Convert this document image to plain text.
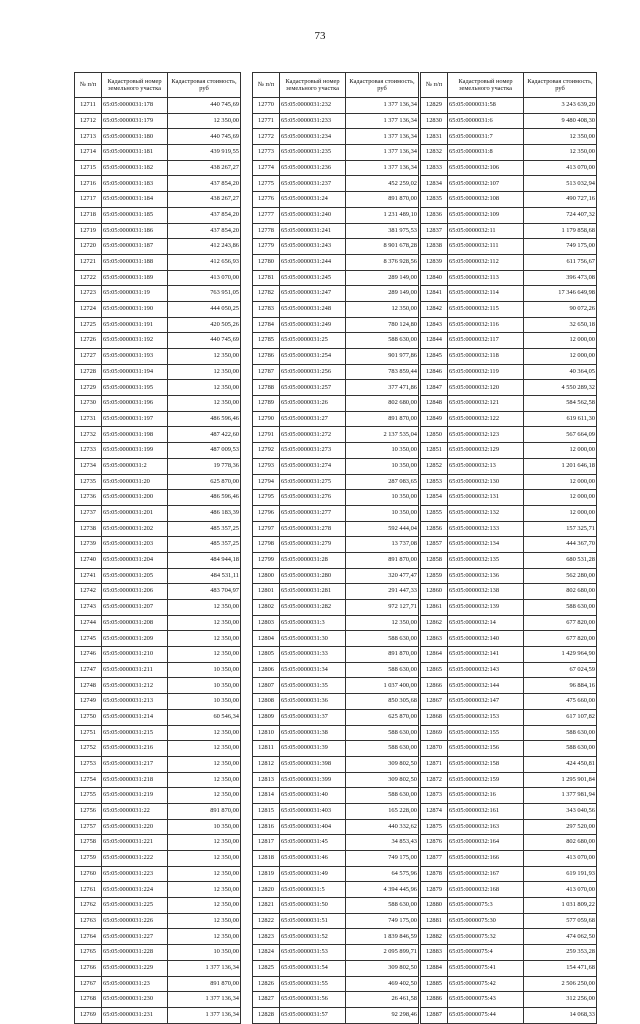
73
№ п/п	Кадастровый номер земельного участка	Кадастровая стоимость, руб
12711	65:05:0000031:178	440 745,69
12712	65:05:0000031:179	12 350,00
12713	65:05:0000031:180	440 745,69
12714	65:05:0000031:181	439 919,55
12715	65:05:0000031:182	438 267,27
12716	65:05:0000031:183	437 854,20
12717	65:05:0000031:184	438 267,27
12718	65:05:0000031:185	437 854,20
12719	65:05:0000031:186	437 854,20
12720	65:05:0000031:187	412 243,86
12721	65:05:0000031:188	412 656,93
12722	65:05:0000031:189	413 070,00
12723	65:05:0000031:19	763 951,05
12724	65:05:0000031:190	444 050,25
12725	65:05:0000031:191	420 505,26
12726	65:05:0000031:192	440 745,69
12727	65:05:0000031:193	12 350,00
12728	65:05:0000031:194	12 350,00
12729	65:05:0000031:195	12 350,00
12730	65:05:0000031:196	12 350,00
12731	65:05:0000031:197	486 596,46
12732	65:05:0000031:198	487 422,60
12733	65:05:0000031:199	487 009,53
12734	65:05:0000031:2	19 778,36
12735	65:05:0000031:20	625 870,00
12736	65:05:0000031:200	486 596,46
12737	65:05:0000031:201	486 183,39
12738	65:05:0000031:202	485 357,25
12739	65:05:0000031:203	485 357,25
12740	65:05:0000031:204	484 944,18
12741	65:05:0000031:205	484 531,11
12742	65:05:0000031:206	483 704,97
12743	65:05:0000031:207	12 350,00
12744	65:05:0000031:208	12 350,00
12745	65:05:0000031:209	12 350,00
12746	65:05:0000031:210	12 350,00
12747	65:05:0000031:211	10 350,00
12748	65:05:0000031:212	10 350,00
12749	65:05:0000031:213	10 350,00
12750	65:05:0000031:214	60 546,34
12751	65:05:0000031:215	12 350,00
12752	65:05:0000031:216	12 350,00
12753	65:05:0000031:217	12 350,00
12754	65:05:0000031:218	12 350,00
12755	65:05:0000031:219	12 350,00
12756	65:05:0000031:22	891 870,00
12757	65:05:0000031:220	10 350,00
12758	65:05:0000031:221	12 350,00
12759	65:05:0000031:222	12 350,00
12760	65:05:0000031:223	12 350,00
12761	65:05:0000031:224	12 350,00
12762	65:05:0000031:225	12 350,00
12763	65:05:0000031:226	12 350,00
12764	65:05:0000031:227	12 350,00
12765	65:05:0000031:228	10 350,00
12766	65:05:0000031:229	1 377 136,34
12767	65:05:0000031:23	891 870,00
12768	65:05:0000031:230	1 377 136,34
12769	65:05:0000031:231	1 377 136,34
№ п/п	Кадастровый номер земельного участка	Кадастровая стоимость, руб
12770	65:05:0000031:232	1 377 136,34
12771	65:05:0000031:233	1 377 136,34
12772	65:05:0000031:234	1 377 136,34
12773	65:05:0000031:235	1 377 136,34
12774	65:05:0000031:236	1 377 136,34
12775	65:05:0000031:237	452 259,02
12776	65:05:0000031:24	891 870,00
12777	65:05:0000031:240	1 231 489,10
12778	65:05:0000031:241	381 975,53
12779	65:05:0000031:243	8 901 678,28
12780	65:05:0000031:244	8 376 928,56
12781	65:05:0000031:245	289 149,00
12782	65:05:0000031:247	289 149,00
12783	65:05:0000031:248	12 350,00
12784	65:05:0000031:249	780 124,80
12785	65:05:0000031:25	588 630,00
12786	65:05:0000031:254	901 977,86
12787	65:05:0000031:256	783 859,44
12788	65:05:0000031:257	377 471,86
12789	65:05:0000031:26	802 680,00
12790	65:05:0000031:27	891 870,00
12791	65:05:0000031:272	2 137 535,04
12792	65:05:0000031:273	10 350,00
12793	65:05:0000031:274	10 350,00
12794	65:05:0000031:275	287 083,65
12795	65:05:0000031:276	10 350,00
12796	65:05:0000031:277	10 350,00
12797	65:05:0000031:278	592 444,04
12798	65:05:0000031:279	13 737,08
12799	65:05:0000031:28	891 870,00
12800	65:05:0000031:280	320 477,47
12801	65:05:0000031:281	291 447,33
12802	65:05:0000031:282	972 127,71
12803	65:05:0000031:3	12 350,00
12804	65:05:0000031:30	588 630,00
12805	65:05:0000031:33	891 870,00
12806	65:05:0000031:34	588 630,00
12807	65:05:0000031:35	1 037 400,00
12808	65:05:0000031:36	850 305,68
12809	65:05:0000031:37	625 870,00
12810	65:05:0000031:38	588 630,00
12811	65:05:0000031:39	588 630,00
12812	65:05:0000031:398	309 802,50
12813	65:05:0000031:399	309 802,50
12814	65:05:0000031:40	588 630,00
12815	65:05:0000031:403	165 228,00
12816	65:05:0000031:404	440 332,62
12817	65:05:0000031:45	34 853,43
12818	65:05:0000031:46	749 175,00
12819	65:05:0000031:49	64 575,96
12820	65:05:0000031:5	4 394 445,96
12821	65:05:0000031:50	588 630,00
12822	65:05:0000031:51	749 175,00
12823	65:05:0000031:52	1 839 846,59
12824	65:05:0000031:53	2 095 899,71
12825	65:05:0000031:54	309 802,50
12826	65:05:0000031:55	469 402,50
12827	65:05:0000031:56	26 461,58
12828	65:05:0000031:57	92 298,46
№ п/п	Кадастровый номер земельного участка	Кадастровая стоимость, руб
12829	65:05:0000031:58	3 243 639,20
12830	65:05:0000031:6	9 480 408,30
12831	65:05:0000031:7	12 350,00
12832	65:05:0000031:8	12 350,00
12833	65:05:0000032:106	413 070,00
12834	65:05:0000032:107	513 032,94
12835	65:05:0000032:108	490 727,16
12836	65:05:0000032:109	724 407,32
12837	65:05:0000032:11	1 179 858,68
12838	65:05:0000032:111	749 175,00
12839	65:05:0000032:112	611 756,67
12840	65:05:0000032:113	396 473,08
12841	65:05:0000032:114	17 346 649,98
12842	65:05:0000032:115	90 072,26
12843	65:05:0000032:116	32 650,18
12844	65:05:0000032:117	12 000,00
12845	65:05:0000032:118	12 000,00
12846	65:05:0000032:119	40 364,05
12847	65:05:0000032:120	4 550 289,32
12848	65:05:0000032:121	584 562,58
12849	65:05:0000032:122	619 611,30
12850	65:05:0000032:123	567 664,09
12851	65:05:0000032:129	12 000,00
12852	65:05:0000032:13	1 201 646,18
12853	65:05:0000032:130	12 000,00
12854	65:05:0000032:131	12 000,00
12855	65:05:0000032:132	12 000,00
12856	65:05:0000032:133	157 325,71
12857	65:05:0000032:134	444 367,70
12858	65:05:0000032:135	680 531,28
12859	65:05:0000032:136	562 280,00
12860	65:05:0000032:138	802 680,00
12861	65:05:0000032:139	588 630,00
12862	65:05:0000032:14	677 820,00
12863	65:05:0000032:140	677 820,00
12864	65:05:0000032:141	1 429 964,90
12865	65:05:0000032:143	67 024,59
12866	65:05:0000032:144	96 884,16
12867	65:05:0000032:147	475 660,00
12868	65:05:0000032:153	617 107,82
12869	65:05:0000032:155	588 630,00
12870	65:05:0000032:156	588 630,00
12871	65:05:0000032:158	424 450,81
12872	65:05:0000032:159	1 295 901,84
12873	65:05:0000032:16	1 377 981,94
12874	65:05:0000032:161	343 040,56
12875	65:05:0000032:163	297 520,00
12876	65:05:0000032:164	802 680,00
12877	65:05:0000032:166	413 070,00
12878	65:05:0000032:167	619 191,93
12879	65:05:0000032:168	413 070,00
12880	65:05:0000075:3	1 031 809,22
12881	65:05:0000075:30	577 059,68
12882	65:05:0000075:32	474 062,50
12883	65:05:0000075:4	259 353,28
12884	65:05:0000075:41	154 471,68
12885	65:05:0000075:42	2 506 250,00
12886	65:05:0000075:43	312 256,00
12887	65:05:0000075:44	14 068,33
